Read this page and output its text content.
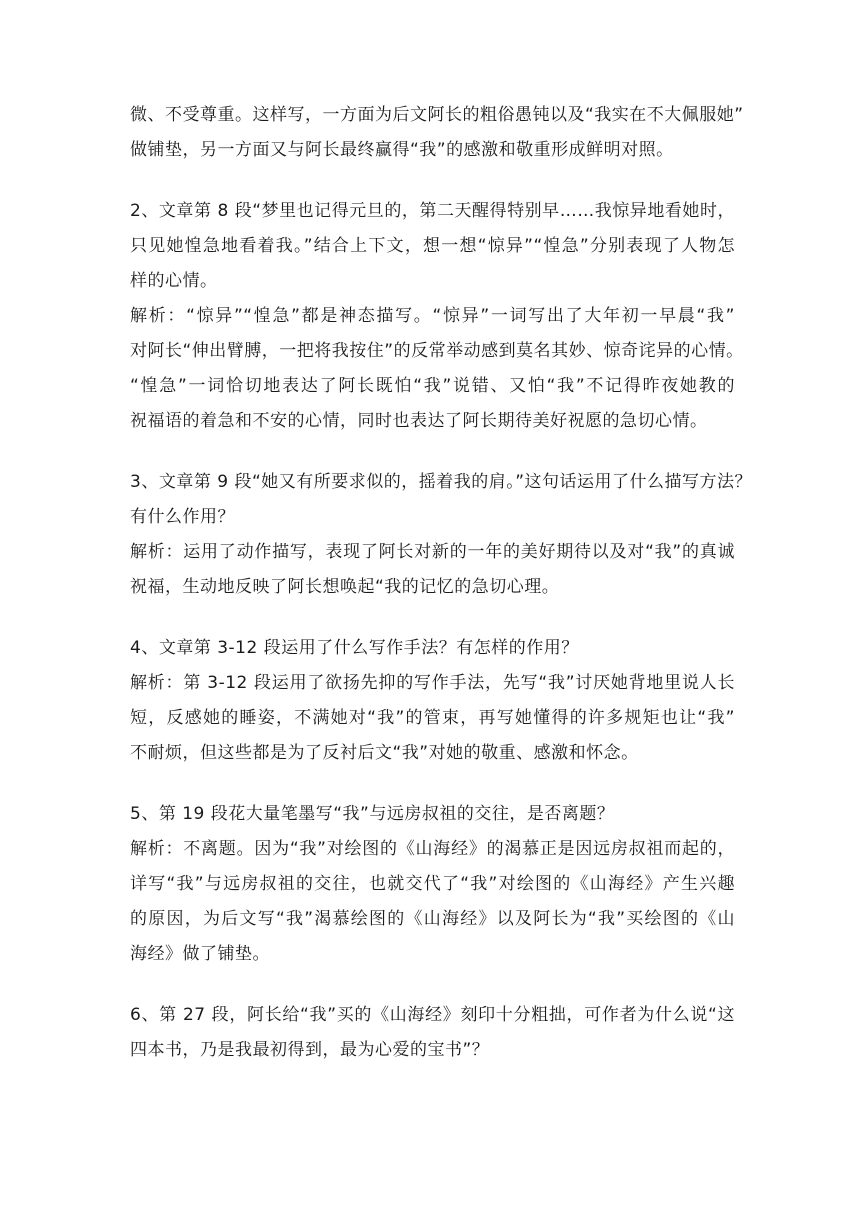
微、不受尊重。这样写，一方面为后文阿长的粗俗愚钝以及“我实在不大佩服她”
做铺垫，另一方面又与阿长最终赢得“我”的感激和敬重形成鲜明对照。
2、文章第 8 段“梦里也记得元旦的，第二天醒得特别早……我惊异地看她时，
只见她惶急地看着我。”结合上下文，想一想“惊异”“惶急”分别表现了人物怎
样的心情。
解析：“惊异”“惶急”都是神态描写。“惊异”一词写出了大年初一早晨“我”
对阿长“伸出臂膊，一把将我按住”的反常举动感到莫名其妙、惊奇诧异的心情。
“惶急”一词恰切地表达了阿长既怕“我”说错、又怕“我”不记得昨夜她教的
祝福语的着急和不安的心情，同时也表达了阿长期待美好祝愿的急切心情。
3、文章第 9 段“她又有所要求似的，摇着我的肩。”这句话运用了什么描写方法？
有什么作用？
解析：运用了动作描写，表现了阿长对新的一年的美好期待以及对“我”的真诚
祝福，生动地反映了阿长想唤起“我的记忆的急切心理。
4、文章第 3-12 段运用了什么写作手法？有怎样的作用？
解析：第 3-12 段运用了欲扬先抑的写作手法，先写“我”讨厌她背地里说人长
短，反感她的睡姿，不满她对“我”的管束，再写她懂得的许多规矩也让“我”
不耐烦，但这些都是为了反衬后文“我”对她的敬重、感激和怀念。
5、第 19 段花大量笔墨写“我”与远房叔祖的交往，是否离题？
解析：不离题。因为“我”对绘图的《山海经》的渴慕正是因远房叔祖而起的，
详写“我”与远房叔祖的交往，也就交代了“我”对绘图的《山海经》产生兴趣
的原因，为后文写“我”渴慕绘图的《山海经》以及阿长为“我”买绘图的《山
海经》做了铺垫。
6、第 27 段，阿长给“我”买的《山海经》刻印十分粗拙，可作者为什么说“这
四本书，乃是我最初得到，最为心爱的宝书”？
